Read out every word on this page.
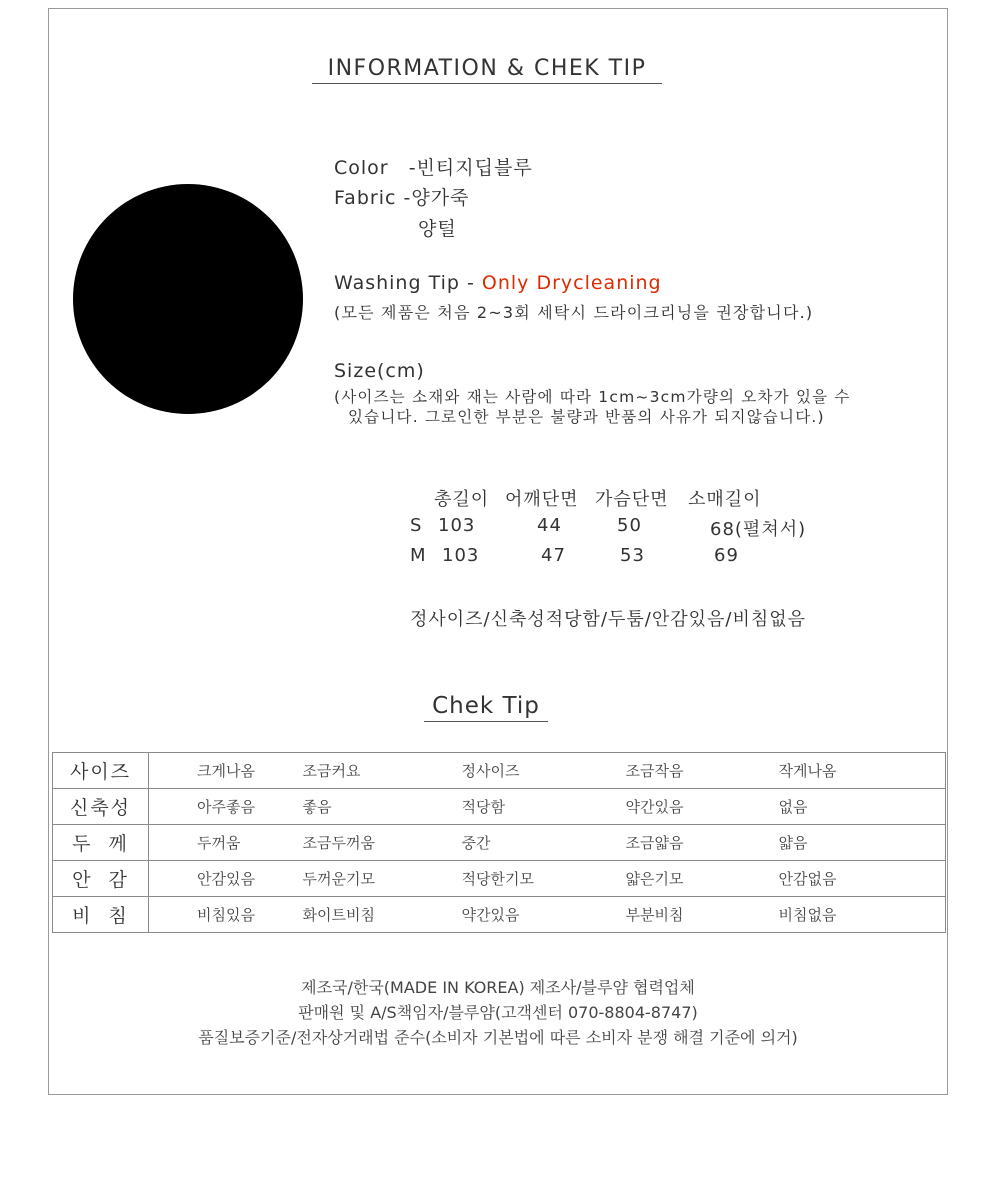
INFORMATION & CHEK TIP
Color -빈티지딥블루
Fabric -양가죽
양털
Washing Tip - Only Drycleaning
(모든 제품은 처음 2~3회 세탁시 드라이크리닝을 권장합니다.)
Size(cm)
(사이즈는 소재와 재는 사람에 따라 1cm~3cm가량의 오차가 있을 수
있습니다. 그로인한 부분은 불량과 반품의 사유가 되지않습니다.)
총길이 어깨단면 가슴단면 소매길이
S 103	44	50	68(펼쳐서)
M 103	47	53	69
정사이즈/신축성적당함/두툼/안감있음/비침없음
Chek Tip
사이즈	크게나옴	조금커요	정사이즈	조금작음	작게나옴
신축성	아주좋음	좋음	적당함	약간있음	없음
두  께	두꺼움	조금두꺼움	중간	조금얇음	얇음
안  감	안감있음	두꺼운기모	적당한기모	얇은기모	안감없음
비  침	비침있음	화이트비침	약간있음	부분비침	비침없음
제조국/한국(MADE IN KOREA) 제조사/블루얌 협력업체
판매원 및 A/S책임자/블루얌(고객센터 070-8804-8747)
품질보증기준/전자상거래법 준수(소비자 기본법에 따른 소비자 분쟁 해결 기준에 의거)
